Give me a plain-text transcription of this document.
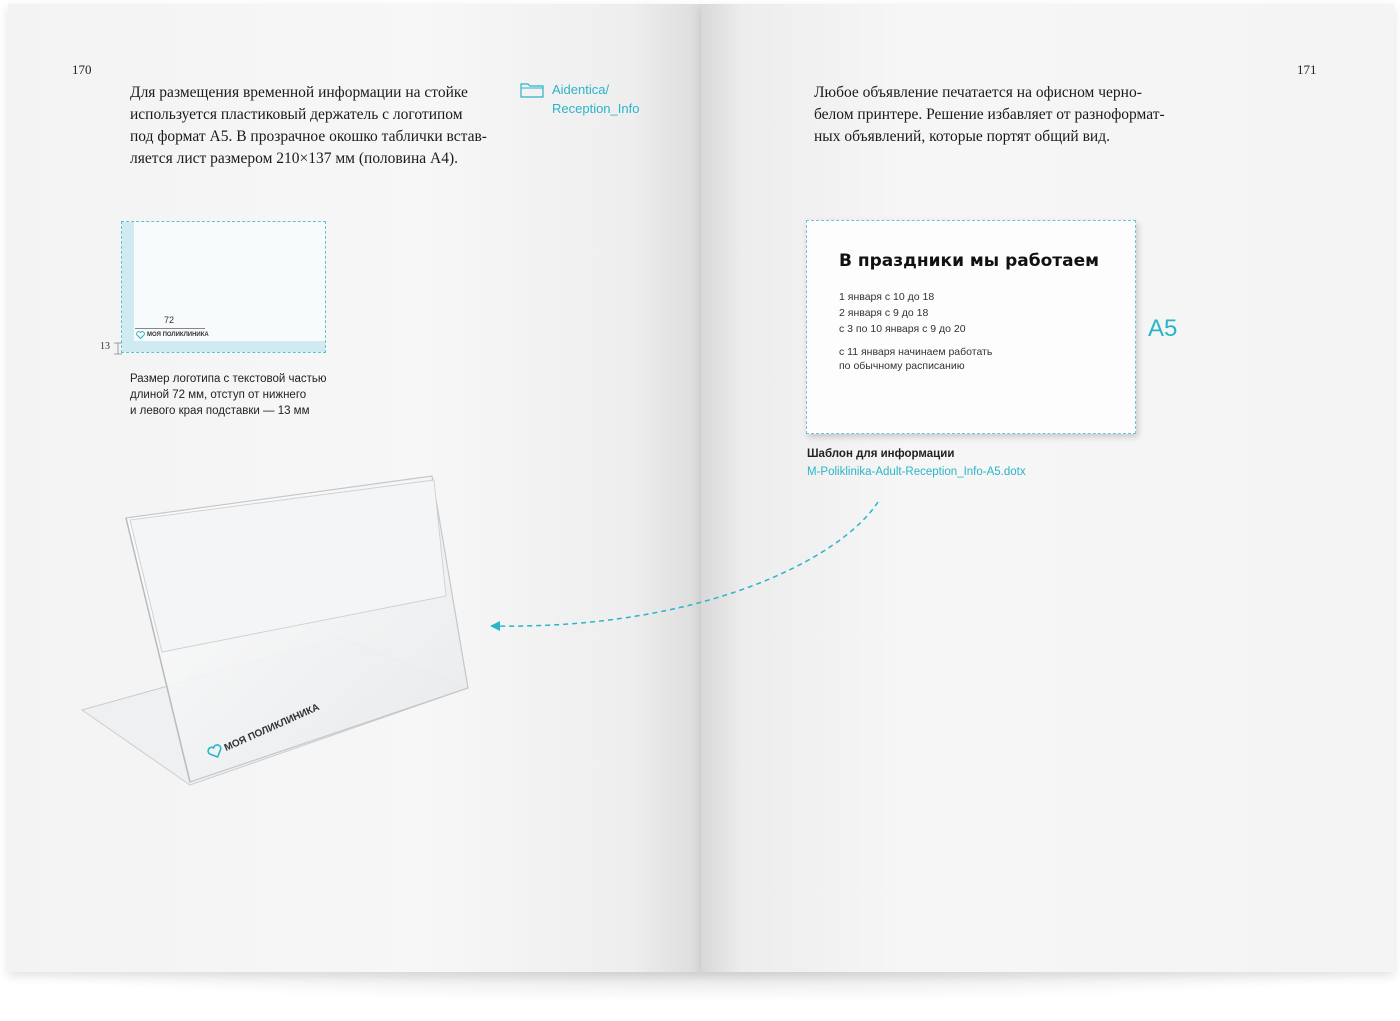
170
Для размещения временной информации на стойке
используется пластиковый держатель с логотипом
под формат А5. В прозрачное окошко таблички встав-
ляется лист размером 210×137 мм (половина А4).
Aidentica/
Reception_Info
72
МОЯ ПОЛИКЛИНИКА
13
Размер логотипа с текстовой частью
длиной 72 мм, отступ от нижнего
и левого края подставки — 13 мм
МОЯ ПОЛИКЛИНИКА
171
Любое объявление печатается на офисном черно-
белом принтере. Решение избавляет от разноформат-
ных объявлений, которые портят общий вид.
В праздники мы работаем
1 января с 10 до 18
2 января с 9 до 18
с 3 по 10 января с 9 до 20
с 11 января начинаем работать
по обычному расписанию
A5
Шаблон для информации
M-Poliklinika-Adult-Reception_Info-A5.dotx
